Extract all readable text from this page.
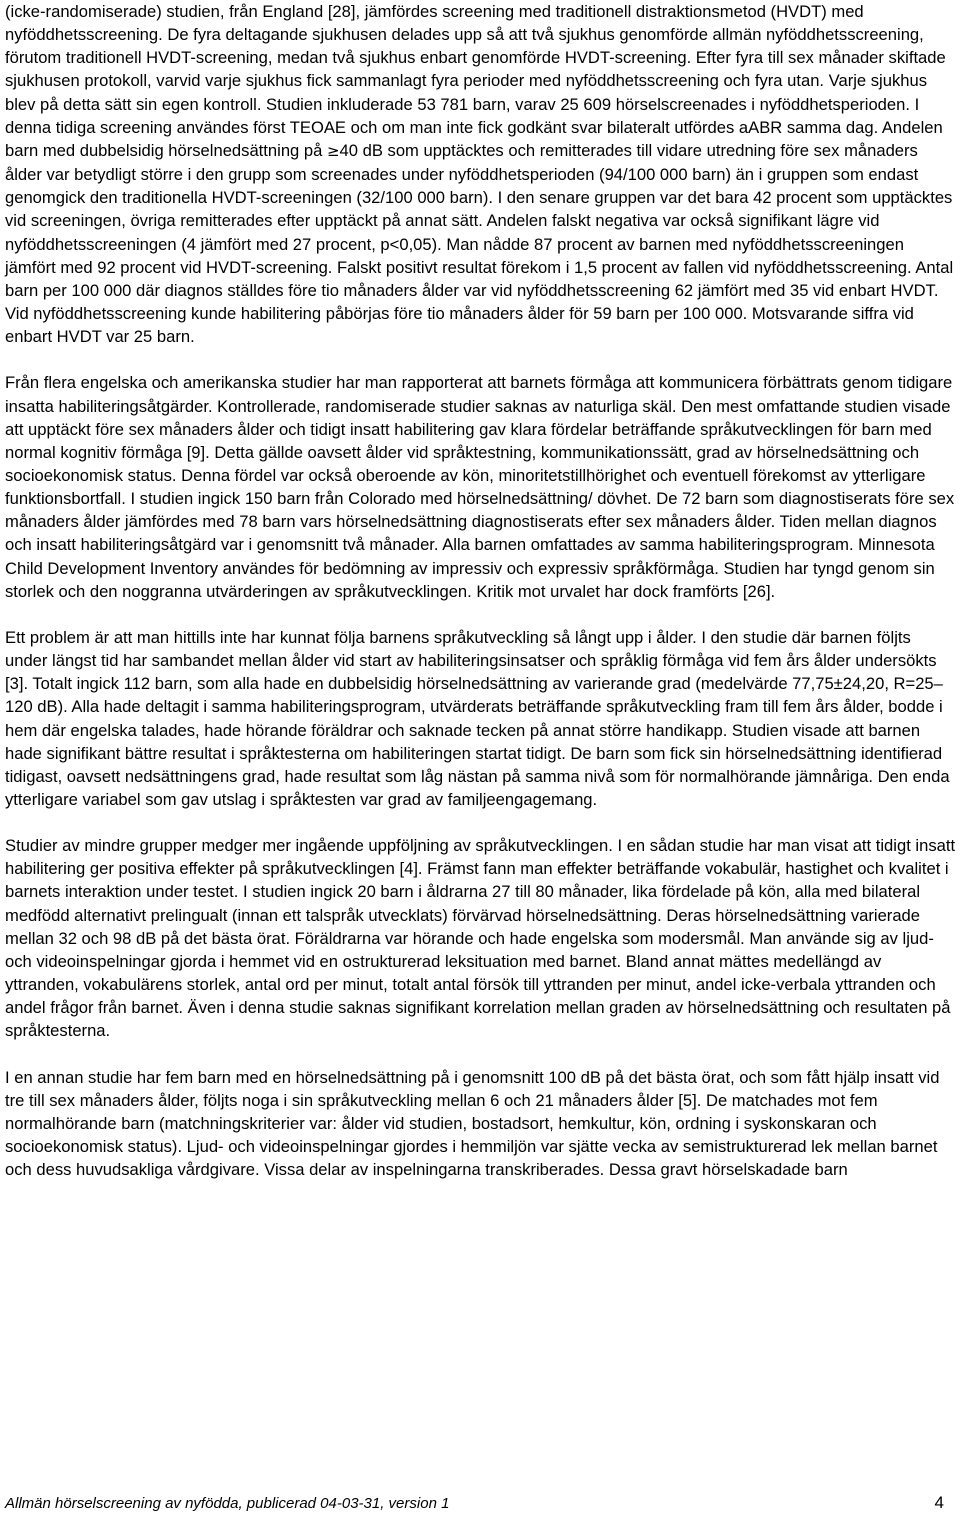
(icke-randomiserade) studien, från England [28], jämfördes screening med traditionell distraktionsmetod (HVDT) med nyföddhetsscreening. De fyra deltagande sjukhusen delades upp så att två sjukhus genomförde allmän nyföddhetsscreening, förutom traditionell HVDT-screening, medan två sjukhus enbart genomförde HVDT-screening. Efter fyra till sex månader skiftade sjukhusen protokoll, varvid varje sjukhus fick sammanlagt fyra perioder med nyföddhetsscreening och fyra utan. Varje sjukhus blev på detta sätt sin egen kontroll. Studien inkluderade 53 781 barn, varav 25 609 hörselscreenades i nyföddhetsperioden. I denna tidiga screening användes först TEOAE och om man inte fick godkänt svar bilateralt utfördes aABR samma dag. Andelen barn med dubbelsidig hörselnedsättning på ≥40 dB som upptäcktes och remitterades till vidare utredning före sex månaders ålder var betydligt större i den grupp som screenades under nyföddhetsperioden (94/100 000 barn) än i gruppen som endast genomgick den traditionella HVDT-screeningen (32/100 000 barn). I den senare gruppen var det bara 42 procent som upptäcktes vid screeningen, övriga remitterades efter upptäckt på annat sätt. Andelen falskt negativa var också signifikant lägre vid nyföddhetsscreeningen (4 jämfört med 27 procent, p<0,05). Man nådde 87 procent av barnen med nyföddhetsscreeningen jämfört med 92 procent vid HVDT-screening. Falskt positivt resultat förekom i 1,5 procent av fallen vid nyföddhetsscreening. Antal barn per 100 000 där diagnos ställdes före tio månaders ålder var vid nyföddhetsscreening 62 jämfört med 35 vid enbart HVDT. Vid nyföddhetsscreening kunde habilitering påbörjas före tio månaders ålder för 59 barn per 100 000. Motsvarande siffra vid enbart HVDT var 25 barn.

Från flera engelska och amerikanska studier har man rapporterat att barnets förmåga att kommunicera förbättrats genom tidigare insatta habiliteringsåtgärder. Kontrollerade, randomiserade studier saknas av naturliga skäl. Den mest omfattande studien visade att upptäckt före sex månaders ålder och tidigt insatt habilitering gav klara fördelar beträffande språkutvecklingen för barn med normal kognitiv förmåga [9]. Detta gällde oavsett ålder vid språktestning, kommunikationssätt, grad av hörselnedsättning och socioekonomisk status. Denna fördel var också oberoende av kön, minoritetstillhörighet och eventuell förekomst av ytterligare funktionsbortfall. I studien ingick 150 barn från Colorado med hörselnedsättning/ dövhet. De 72 barn som diagnostiserats före sex månaders ålder jämfördes med 78 barn vars hörselnedsättning diagnostiserats efter sex månaders ålder. Tiden mellan diagnos och insatt habiliteringsåtgärd var i genomsnitt två månader. Alla barnen omfattades av samma habiliteringsprogram. Minnesota Child Development Inventory användes för bedömning av impressiv och expressiv språkförmåga. Studien har tyngd genom sin storlek och den noggranna utvärderingen av språkutvecklingen. Kritik mot urvalet har dock framförts [26].

Ett problem är att man hittills inte har kunnat följa barnens språkutveckling så långt upp i ålder. I den studie där barnen följts under längst tid har sambandet mellan ålder vid start av habiliteringsinsatser och språklig förmåga vid fem års ålder undersökts [3]. Totalt ingick 112 barn, som alla hade en dubbelsidig hörselnedsättning av varierande grad (medelvärde 77,75±24,20, R=25–120 dB). Alla hade deltagit i samma habiliteringsprogram, utvärderats beträffande språkutveckling fram till fem års ålder, bodde i hem där engelska talades, hade hörande föräldrar och saknade tecken på annat större handikapp. Studien visade att barnen hade signifikant bättre resultat i språktesterna om habiliteringen startat tidigt. De barn som fick sin hörselnedsättning identifierad tidigast, oavsett nedsättningens grad, hade resultat som låg nästan på samma nivå som för normalhörande jämnåriga. Den enda ytterligare variabel som gav utslag i språktesten var grad av familjeengagemang.

Studier av mindre grupper medger mer ingående uppföljning av språkutvecklingen. I en sådan studie har man visat att tidigt insatt habilitering ger positiva effekter på språkutvecklingen [4]. Främst fann man effekter beträffande vokabulär, hastighet och kvalitet i barnets interaktion under testet. I studien ingick 20 barn i åldrarna 27 till 80 månader, lika fördelade på kön, alla med bilateral medfödd alternativt prelingualt (innan ett talspråk utvecklats) förvärvad hörselnedsättning. Deras hörselnedsättning varierade mellan 32 och 98 dB på det bästa örat. Föräldrarna var hörande och hade engelska som modersmål. Man använde sig av ljud- och videoinspelningar gjorda i hemmet vid en ostrukturerad leksituation med barnet. Bland annat mättes medellängd av yttranden, vokabulärens storlek, antal ord per minut, totalt antal försök till yttranden per minut, andel icke-verbala yttranden och andel frågor från barnet. Även i denna studie saknas signifikant korrelation mellan graden av hörselnedsättning och resultaten på språktesterna.

I en annan studie har fem barn med en hörselnedsättning på i genomsnitt 100 dB på det bästa örat, och som fått hjälp insatt vid tre till sex månaders ålder, följts noga i sin språkutveckling mellan 6 och 21 månaders ålder [5]. De matchades mot fem normalhörande barn (matchningskriterier var: ålder vid studien, bostadsort, hemkultur, kön, ordning i syskonskaran och socioekonomisk status). Ljud- och videoinspelningar gjordes i hemmiljön var sjätte vecka av semistrukturerad lek mellan barnet och dess huvudsakliga vårdgivare. Vissa delar av inspelningarna transkriberades. Dessa gravt hörselskadade barn

Allmän hörselscreening av nyfödda, publicerad 04-03-31, version 1	4
